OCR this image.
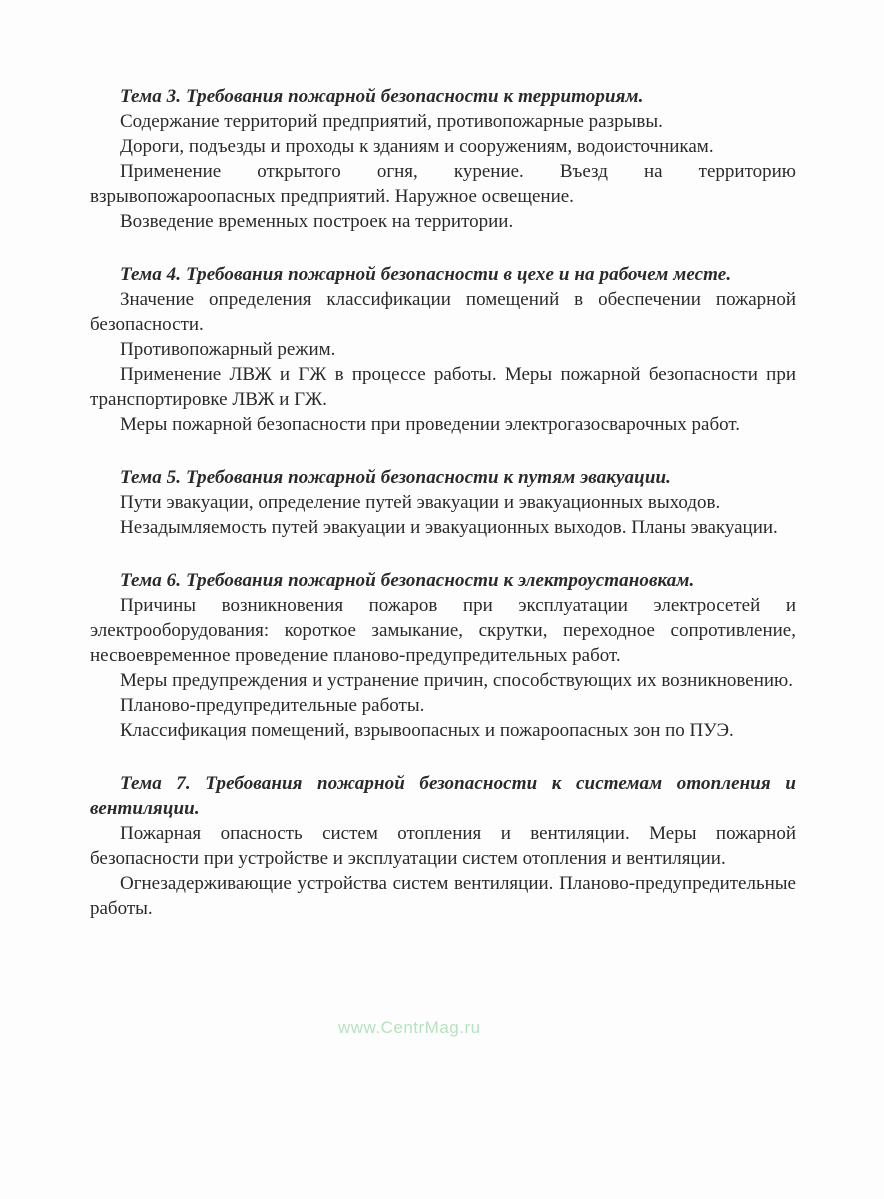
Тема 3. Требования пожарной безопасности к территориям.

Содержание территорий предприятий, противопожарные разрывы.

Дороги, подъезды и проходы к зданиям и сооружениям, водоисточникам.

Применение открытого огня, курение. Въезд на территорию взрывопожароопасных предприятий. Наружное освещение.

Возведение временных построек на территории.

Тема 4. Требования пожарной безопасности в цехе и на рабочем месте.

Значение определения классификации помещений в обеспечении пожарной безопасности.

Противопожарный режим.

Применение ЛВЖ и ГЖ в процессе работы. Меры пожарной безопасности при транспортировке ЛВЖ и ГЖ.

Меры пожарной безопасности при проведении электрогазосварочных работ.

Тема 5. Требования пожарной безопасности к путям эвакуации.

Пути эвакуации, определение путей эвакуации и эвакуационных выходов.

Незадымляемость путей эвакуации и эвакуационных выходов. Планы эвакуации.

Тема 6. Требования пожарной безопасности к электроустановкам.

Причины возникновения пожаров при эксплуатации электросетей и электрооборудования: короткое замыкание, скрутки, переходное сопротивление, несвоевременное проведение планово-предупредительных работ.

Меры предупреждения и устранение причин, способствующих их возникновению.

Планово-предупредительные работы.

Классификация помещений, взрывоопасных и пожароопасных зон по ПУЭ.

Тема 7. Требования пожарной безопасности к системам отопления и вентиляции.

Пожарная опасность систем отопления и вентиляции. Меры пожарной безопасности при устройстве и эксплуатации систем отопления и вентиляции.

Огнезадерживающие устройства систем вентиляции. Планово-предупредительные работы.

www.CentrMag.ru
